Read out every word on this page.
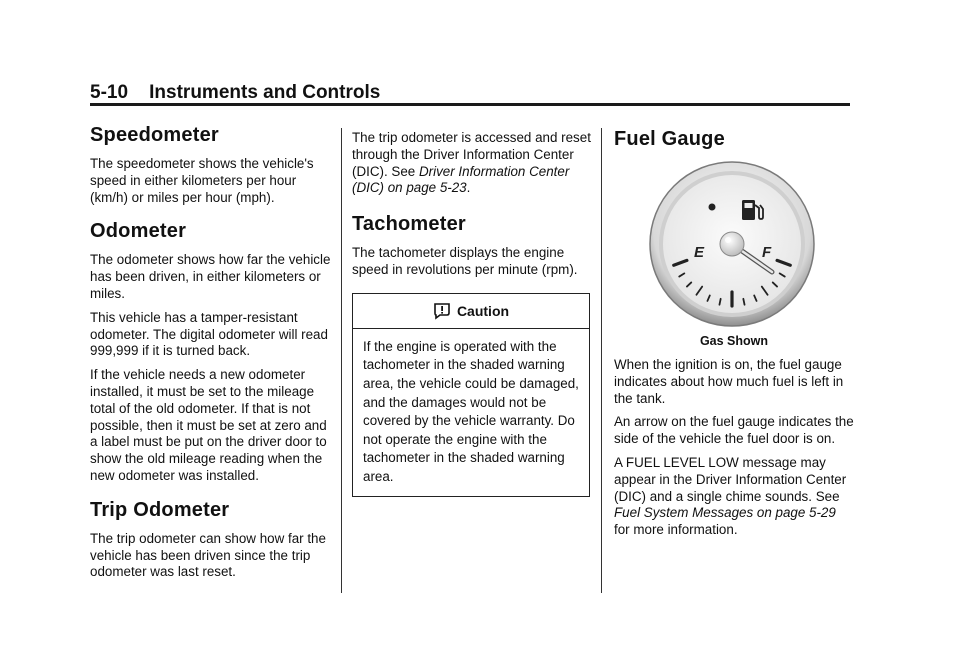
5-10    Instruments and Controls
Speedometer

The speedometer shows the vehicle's speed in either kilometers per hour (km/h) or miles per hour (mph).

Odometer

The odometer shows how far the vehicle has been driven, in either kilometers or miles.

This vehicle has a tamper-resistant odometer. The digital odometer will read 999,999 if it is turned back.

If the vehicle needs a new odometer installed, it must be set to the mileage total of the old odometer. If that is not possible, then it must be set at zero and a label must be put on the driver door to show the old mileage reading when the new odometer was installed.

Trip Odometer

The trip odometer can show how far the vehicle has been driven since the trip odometer was last reset.

The trip odometer is accessed and reset through the Driver Information Center (DIC). See Driver Information Center (DIC) on page 5-23.

Tachometer

The tachometer displays the engine speed in revolutions per minute (rpm).

Caution

If the engine is operated with the tachometer in the shaded warning area, the vehicle could be damaged, and the damages would not be covered by the vehicle warranty. Do not operate the engine with the tachometer in the shaded warning area.

Fuel Gauge
E	F
Gas Shown

When the ignition is on, the fuel gauge indicates about how much fuel is left in the tank.

An arrow on the fuel gauge indicates the side of the vehicle the fuel door is on.

A FUEL LEVEL LOW message may appear in the Driver Information Center (DIC) and a single chime sounds. See Fuel System Messages on page 5-29 for more information.
